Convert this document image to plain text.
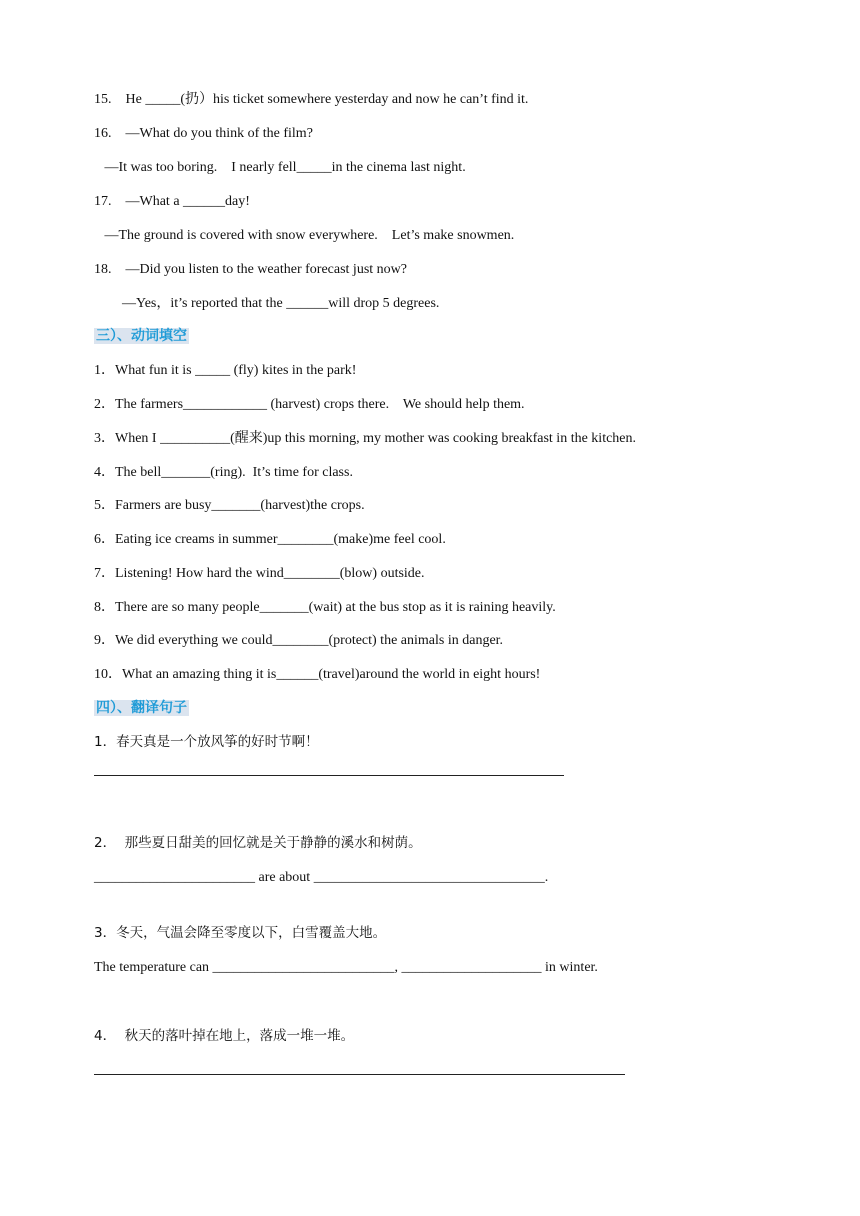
15.    He _____(扔）his ticket somewhere yesterday and now he can’t find it.

16.    —What do you think of the film?

—It was too boring.    I nearly fell_____in the cinema last night.

17.    —What a ______day!

—The ground is covered with snow everywhere.    Let’s make snowmen.

18.    —Did you listen to the weather forecast just now?

—Yes，it’s reported that the ______will drop 5 degrees.

三）、动词填空

1．What fun it is _____ (fly) kites in the park!

2．The farmers____________ (harvest) crops there.    We should help them.

3．When I __________(醒来)up this morning, my mother was cooking breakfast in the kitchen.

4．The bell_______(ring).  It’s time for class.

5．Farmers are busy_______(harvest)the crops.

6．Eating ice creams in summer________(make)me feel cool.

7．Listening! How hard the wind________(blow) outside.

8．There are so many people_______(wait) at the bus stop as it is raining heavily.

9．We did everything we could________(protect) the animals in danger.

10．What an amazing thing it is______(travel)around the world in eight hours!

四）、翻译句子

1．春天真是一个放风筝的好时节啊！

2．  那些夏日甜美的回忆就是关于静静的溪水和树荫。

_______________________ are about _________________________________.

3．冬天，气温会降至零度以下，白雪覆盖大地。

The temperature can __________________________, ____________________ in winter.

4．  秋天的落叶掉在地上，落成一堆一堆。
